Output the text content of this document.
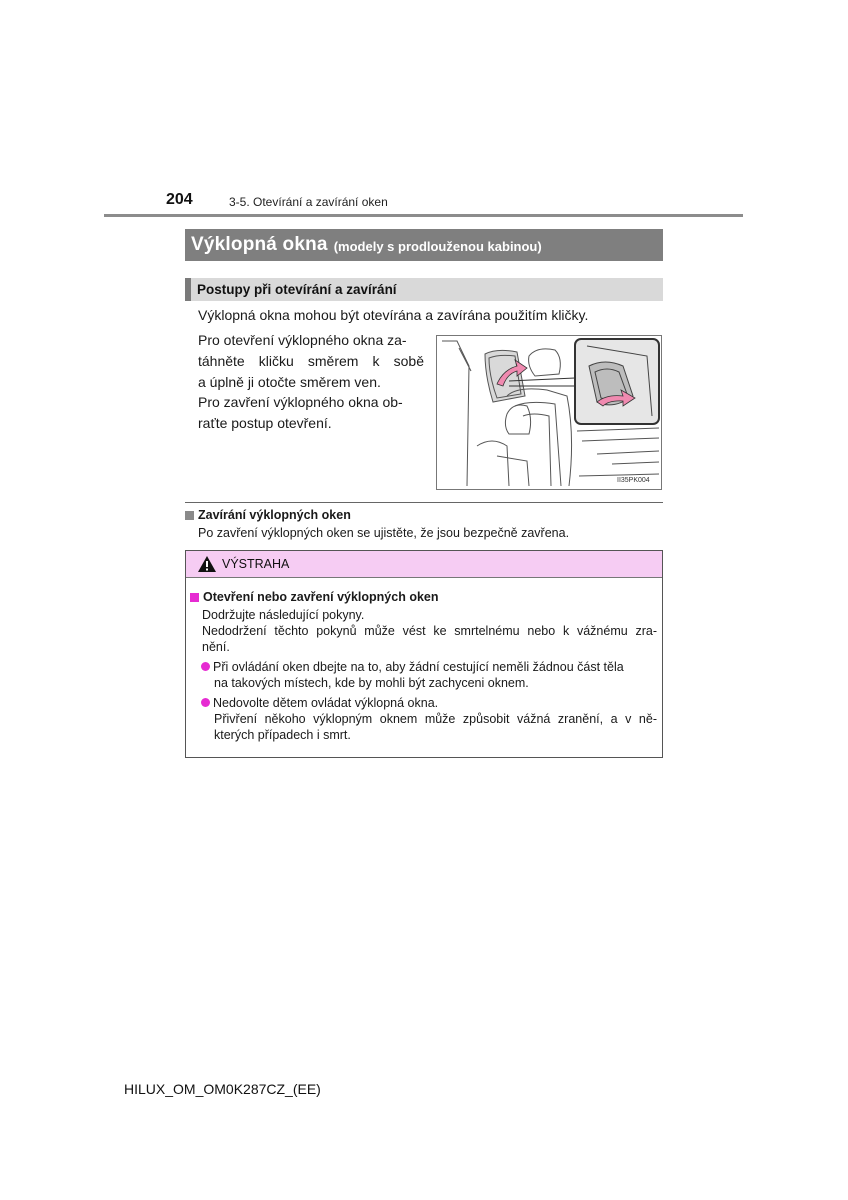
204	3-5. Otevírání a zavírání oken
Výklopná okna (modely s prodlouženou kabinou)
Postupy při otevírání a zavírání
Výklopná okna mohou být otevírána a zavírána použitím kličky.
Pro otevření výklopného okna za-
táhněte kličku směrem k sobě
a úplně ji otočte směrem ven.
Pro zavření výklopného okna ob-
raťte postup otevření.
II35PK004
Zavírání výklopných oken
Po zavření výklopných oken se ujistěte, že jsou bezpečně zavřena.
VÝSTRAHA
Otevření nebo zavření výklopných oken
Dodržujte následující pokyny.
Nedodržení těchto pokynů může vést ke smrtelnému nebo k vážnému zra-
nění.
Při ovládání oken dbejte na to, aby žádní cestující neměli žádnou část těla
na takových místech, kde by mohli být zachyceni oknem.
Nedovolte dětem ovládat výklopná okna.
Přivření někoho výklopným oknem může způsobit vážná zranění, a v ně-
kterých případech i smrt.
HILUX_OM_OM0K287CZ_(EE)
